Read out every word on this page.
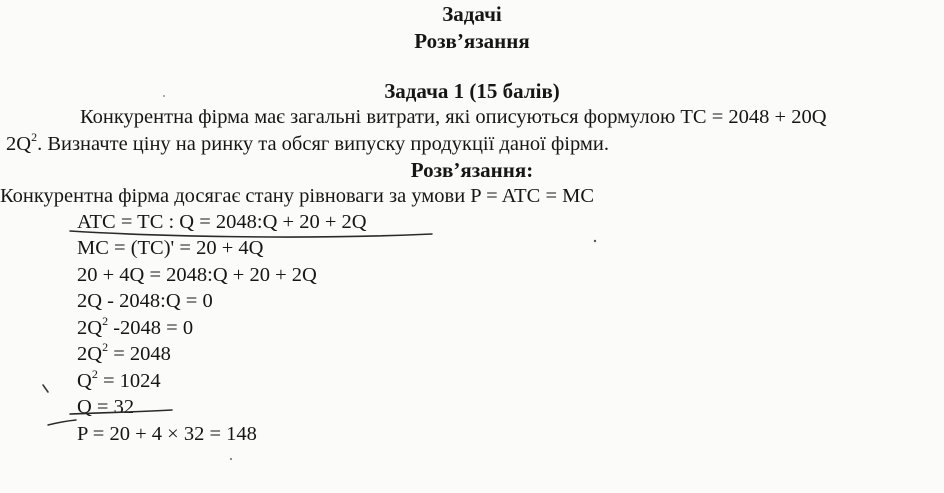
Задачі
Розв’язання
Задача 1 (15 балів)
Конкурентна фірма має загальні витрати, які описуються формулою TC = 2048 + 20Q
$2Q^2$. Визначте ціну на ринку та обсяг випуску продукції даної фірми.
Розв’язання:
Конкурентна фірма досягає стану рівноваги за умови P = ATC = MC
ATC = TC : Q = 2048:Q + 20 + 2Q
MC = (TC)' = 20 + 4Q
20 + 4Q = 2048:Q + 20 + 2Q
2Q - 2048:Q = 0
$2Q^2$ -2048 = 0
$2Q^2 = 2048$
$Q^2 = 1024$
Q = 32
P = 20 + 4 × 32 = 148
